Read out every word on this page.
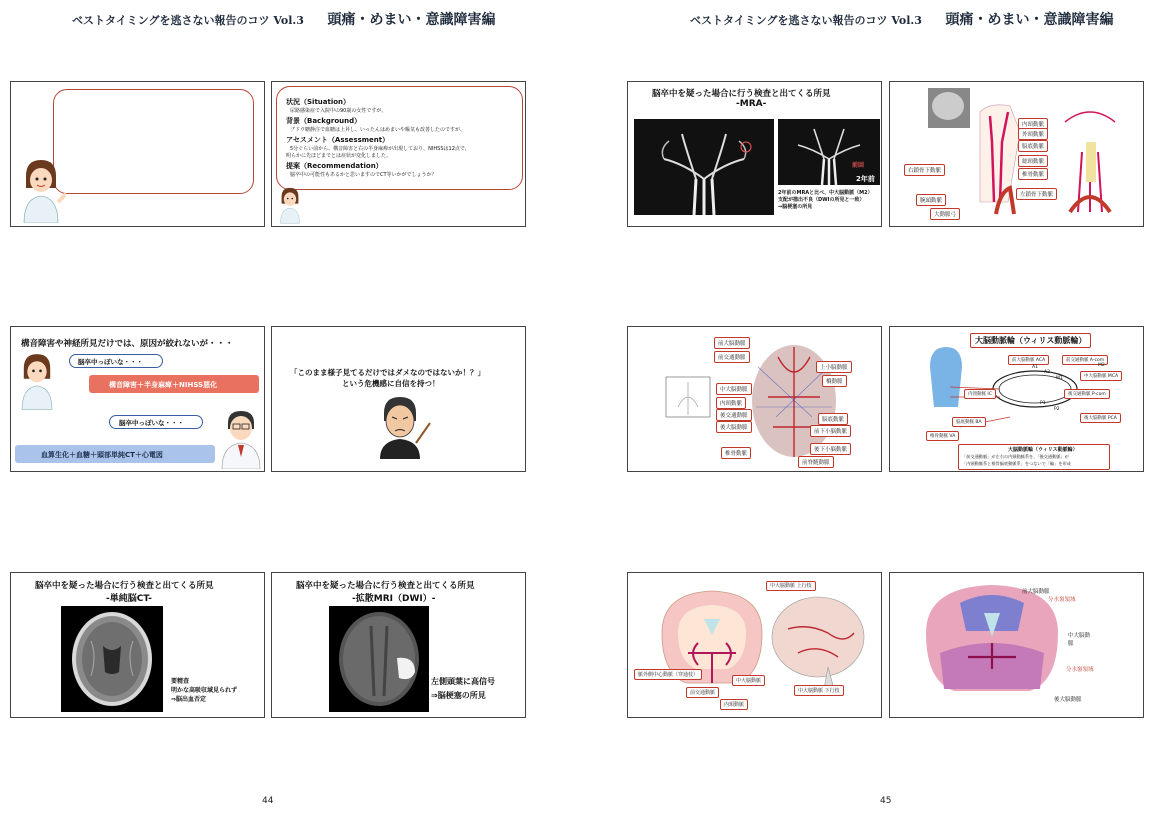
ベストタイミングを逃さない報告のコツ Vol.3 頭痛・めまい・意識障害編
状況（Situation）
尿路感染症で入院中の90歳の女性ですが、
背景（Background）
ブドウ糖静注で血糖は上昇し、いったんはめまいや嘔気も改善したのですが、
アセスメント（Assessment）
5分ぐらい前から、構音障害と右の半身麻痺が出現しており、NIHSSは12点で、
明らかに先ほどまでとは症状が変化しました。
提案（Recommendation）
脳卒中の可能性もあるかと思いますのでCT等いかがでしょうか？
構音障害や神経所見だけでは、原因が絞れないが・・・
脳卒中っぽいな・・・
構音障害＋半身麻痺＋NIHSS悪化
脳卒中っぽいな・・・
血算生化＋血糖＋頭部単純CT＋心電図
「このまま様子見てるだけではダメなのではないか！？」
という危機感に自信を持つ！
脳卒中を疑った場合に行う検査と出てくる所見
-単純脳CT-
要精査
明かな高吸収域見られず
⇒脳出血否定
脳卒中を疑った場合に行う検査と出てくる所見
-拡散MRI（DWI）-
左側頭葉に高信号
⇒脳梗塞の所見
44
ベストタイミングを逃さない報告のコツ Vol.3 頭痛・めまい・意識障害編
脳卒中を疑った場合に行う検査と出てくる所見
-MRA-
前回
2年前
2年前のMRAと比べ、中大脳動脈（M2）
支配が描出不良（DWIの所見と一致）
⇒脳梗塞の所見
内頸動脈
外頸動脈
脳底動脈
総頸動脈
椎骨動脈
右鎖骨下動脈
左鎖骨下動脈
腕頭動脈
大動脈弓
前大脳動脈
前交通動脈
中大脳動脈
内頸動脈
後交通動脈
後大脳動脈
上小脳動脈
橋動脈
脳底動脈
前下小脳動脈
後下小脳動脈
椎骨動脈
前脊髄動脈
大脳動脈輪（ウィリス動脈輪）
前大脳動脈 ACA	前交通動脈 A-com
中大脳動脈 MCA
後交通動脈 P-com
後大脳動脈 PCA
内頸動脈 IC
脳底動脈 BA
椎骨動脈 VA
A1
A2
M1
M2
P1
P2
大脳動脈輪（ウィリス動脈輪）
「前交通動脈」が左右の内頸動脈系を、「後交通動脈」が
「内頸動脈系と椎骨脳底動脈系」をつないで「輪」を形成
中大脳動脈 上行枝
脈外側中心動脈（穿通枝）
前交通動脈
中大脳動脈
内頸動脈
中大脳動脈 下行枝
前大脳動脈
分水嶺領域
中大脳動脈
分水嶺領域
後大脳動脈
45
